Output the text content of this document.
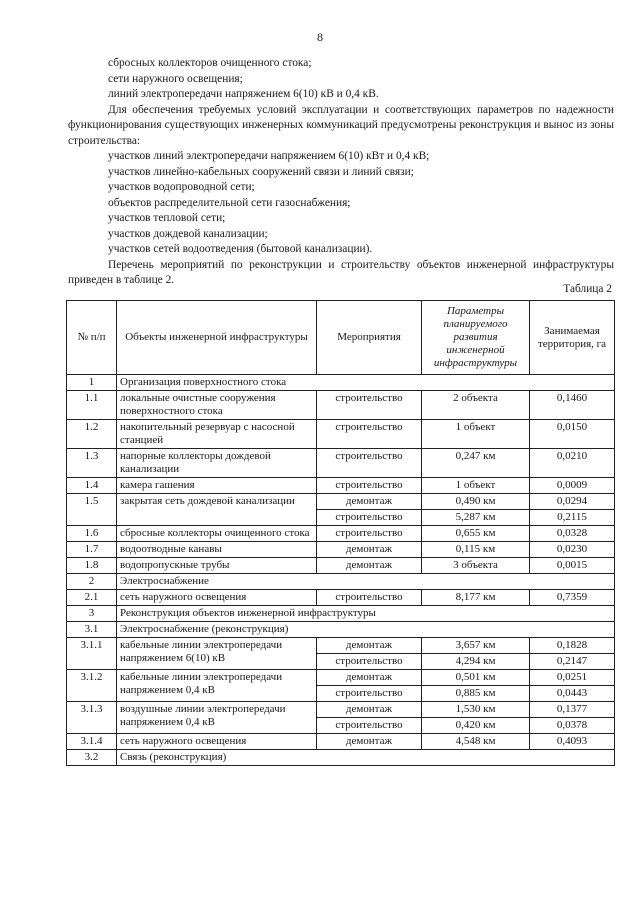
8

сбросных коллекторов очищенного стока;

сети наружного освещения;

линий электропередачи напряжением 6(10) кВ и 0,4 кВ.

Для обеспечения требуемых условий эксплуатации и соответствующих параметров по надежности функционирования существующих инженерных коммуникаций предусмотрены реконструкция и вынос из зоны строительства:

участков линий электропередачи напряжением 6(10) кВт и 0,4 кВ;

участков линейно-кабельных сооружений связи и линий связи;

участков водопроводной сети;

объектов распределительной сети газоснабжения;

участков тепловой сети;

участков дождевой канализации;

участков сетей водоотведения (бытовой канализации).

Перечень мероприятий по реконструкции и строительству объектов инженерной инфраструктуры приведен в таблице 2.

Таблица 2
№ п/п	Объекты инженерной инфраструктуры	Мероприятия	Параметры планируемого развития инженерной инфраструктуры	Занимаемая территория, га
1	Организация поверхностного стока			
1.1	локальные очистные сооружения поверхностного стока	строительство	2 объекта	0,1460
1.2	накопительный резервуар с насосной станцией	строительство	1 объект	0,0150
1.3	напорные коллекторы дождевой канализации	строительство	0,247 км	0,0210
1.4	камера гашения	строительство	1 объект	0,0009
1.5	закрытая сеть дождевой канализации	демонтаж	0,490 км	0,0294
		строительство	5,287 км	0,2115
1.6	сбросные коллекторы очищенного стока	строительство	0,655 км	0,0328
1.7	водоотводные канавы	демонтаж	0,115 км	0,0230
1.8	водопропускные трубы	демонтаж	3 объекта	0,0015
2	Электроснабжение			
2.1	сеть наружного освещения	строительство	8,177 км	0,7359
3	Реконструкция объектов инженерной инфраструктуры			
3.1	Электроснабжение (реконструкция)			
3.1.1	кабельные линии электропередачи напряжением 6(10) кВ	демонтаж	3,657 км	0,1828
		строительство	4,294 км	0,2147
3.1.2	кабельные линии электропередачи напряжением 0,4 кВ	демонтаж	0,501 км	0,0251
		строительство	0,885 км	0,0443
3.1.3	воздушные линии электропередачи напряжением 0,4 кВ	демонтаж	1,530 км	0,1377
		строительство	0,420 км	0,0378
3.1.4	сеть наружного освещения	демонтаж	4,548 км	0,4093
3.2	Связь (реконструкция)			
